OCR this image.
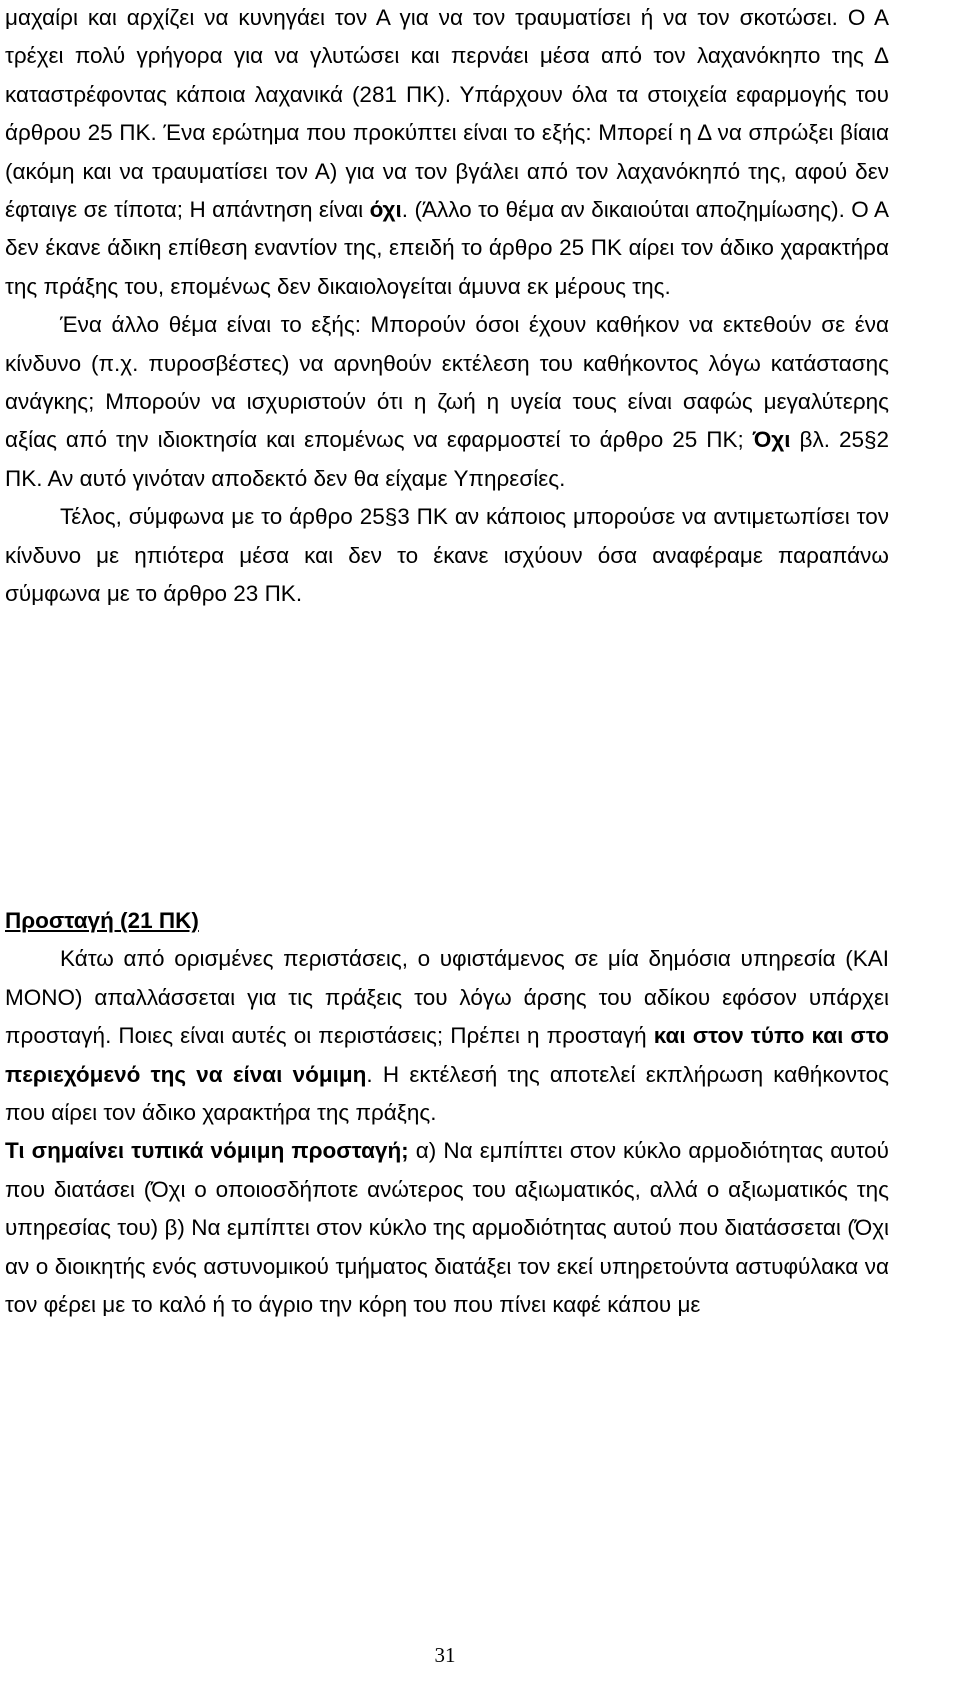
μαχαίρι και αρχίζει να κυνηγάει τον Α για να τον τραυματίσει ή να τον σκοτώσει. Ο Α τρέχει πολύ γρήγορα για να γλυτώσει και περνάει μέσα από τον λαχανόκηπο της Δ καταστρέφοντας κάποια λαχανικά (281 ΠΚ). Υπάρχουν όλα τα στοιχεία εφαρμογής του άρθρου 25 ΠΚ. Ένα ερώτημα που προκύπτει είναι το εξής: Μπορεί η Δ να σπρώξει βίαια (ακόμη και να τραυματίσει τον Α) για να τον βγάλει από τον λαχανόκηπό της, αφού δεν έφταιγε σε τίποτα; Η απάντηση είναι όχι. (Άλλο το θέμα αν δικαιούται αποζημίωσης). Ο Α δεν έκανε άδικη επίθεση εναντίον της, επειδή το άρθρο 25 ΠΚ αίρει τον άδικο χαρακτήρα της πράξης του, επομένως δεν δικαιολογείται άμυνα εκ μέρους της.

Ένα άλλο θέμα είναι το εξής: Μπορούν όσοι έχουν καθήκον να εκτεθούν σε ένα κίνδυνο (π.χ. πυροσβέστες) να αρνηθούν εκτέλεση του καθήκοντος λόγω κατάστασης ανάγκης; Μπορούν να ισχυριστούν ότι η ζωή η υγεία τους είναι σαφώς μεγαλύτερης αξίας από την ιδιοκτησία και επομένως να εφαρμοστεί το άρθρο 25 ΠΚ; Όχι βλ. 25§2 ΠΚ. Αν αυτό γινόταν αποδεκτό δεν θα είχαμε Υπηρεσίες.

Τέλος, σύμφωνα με το άρθρο 25§3 ΠΚ αν κάποιος μπορούσε να αντιμετωπίσει τον κίνδυνο με ηπιότερα μέσα και δεν το έκανε ισχύουν όσα αναφέραμε παραπάνω σύμφωνα με το άρθρο 23 ΠΚ.

Προσταγή (21 ΠΚ)

Κάτω από ορισμένες περιστάσεις, ο υφιστάμενος σε μία δημόσια υπηρεσία (ΚΑΙ ΜΟΝΟ) απαλλάσσεται για τις πράξεις του λόγω άρσης του αδίκου εφόσον υπάρχει προσταγή. Ποιες είναι αυτές οι περιστάσεις; Πρέπει η προσταγή και στον τύπο και στο περιεχόμενό της να είναι νόμιμη. Η εκτέλεσή της αποτελεί εκπλήρωση καθήκοντος που αίρει τον άδικο χαρακτήρα της πράξης.

Τι σημαίνει τυπικά νόμιμη προσταγή; α) Να εμπίπτει στον κύκλο αρμοδιότητας αυτού που διατάσει (Όχι ο οποιοσδήποτε ανώτερος του αξιωματικός, αλλά ο αξιωματικός της υπηρεσίας του) β) Να εμπίπτει στον κύκλο της αρμοδιότητας αυτού που διατάσσεται (Όχι αν ο διοικητής ενός αστυνομικού τμήματος διατάξει τον εκεί υπηρετούντα αστυφύλακα να τον φέρει με το καλό ή το άγριο την κόρη του που πίνει καφέ κάπου με

31
